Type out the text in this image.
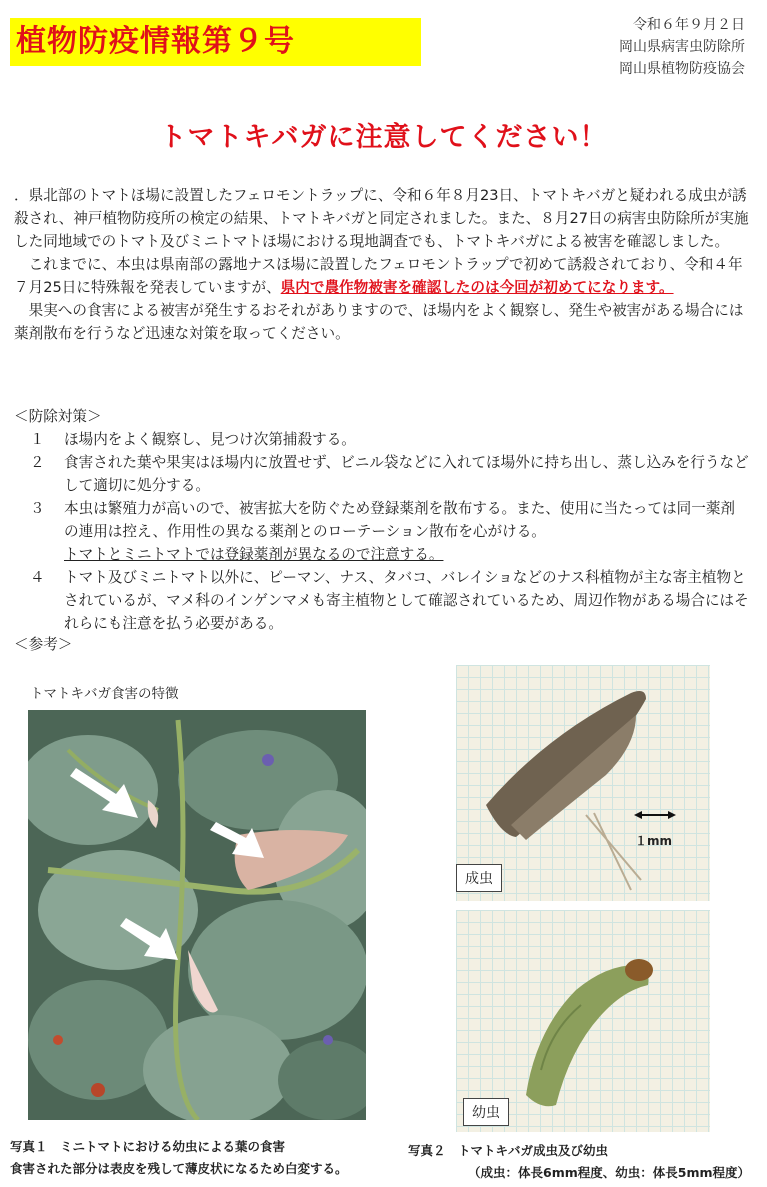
植物防疫情報第９号	令和６年９月２日
岡山県病害虫防除所
岡山県植物防疫協会
トマトキバガに注意してください！

．県北部のトマトほ場に設置したフェロモントラップに、令和６年８月23日、トマトキバガと疑われる成虫が誘殺され、神戸植物防疫所の検定の結果、トマトキバガと同定されました。また、８月27日の病害虫防除所が実施した同地域でのトマト及びミニトマトほ場における現地調査でも、トマトキバガによる被害を確認しました。

　これまでに、本虫は県南部の露地ナスほ場に設置したフェロモントラップで初めて誘殺されており、令和４年７月25日に特殊報を発表していますが、県内で農作物被害を確認したのは今回が初めてになります。

　果実への食害による被害が発生するおそれがありますので、ほ場内をよく観察し、発生や被害がある場合には薬剤散布を行うなど迅速な対策を取ってください。

＜防除対策＞
１	ほ場内をよく観察し、見つけ次第捕殺する。
２	食害された葉や果実はほ場内に放置せず、ビニル袋などに入れてほ場外に持ち出し、蒸し込みを行うなどして適切に処分する。
３	本虫は繁殖力が高いので、被害拡大を防ぐため登録薬剤を散布する。また、使用に当たっては同一薬剤の連用は控え、作用性の異なる薬剤とのローテーション散布を心がける。
トマトとミニトマトでは登録薬剤が異なるので注意する。
４	トマト及びミニトマト以外に、ピーマン、ナス、タバコ、バレイショなどのナス科植物が主な寄主植物とされているが、マメ科のインゲンマメも寄主植物として確認されているため、周辺作物がある場合にはそれらにも注意を払う必要がある。
＜参考＞
トマトキバガ食害の特徴
１mm
成虫
幼虫
写真１　ミニトマトにおける幼虫による葉の食害
食害された部分は表皮を残して薄皮状になるため白変する。
写真２　トマトキバガ成虫及び幼虫
（成虫：体長6mm程度、幼虫：体長5mm程度）
